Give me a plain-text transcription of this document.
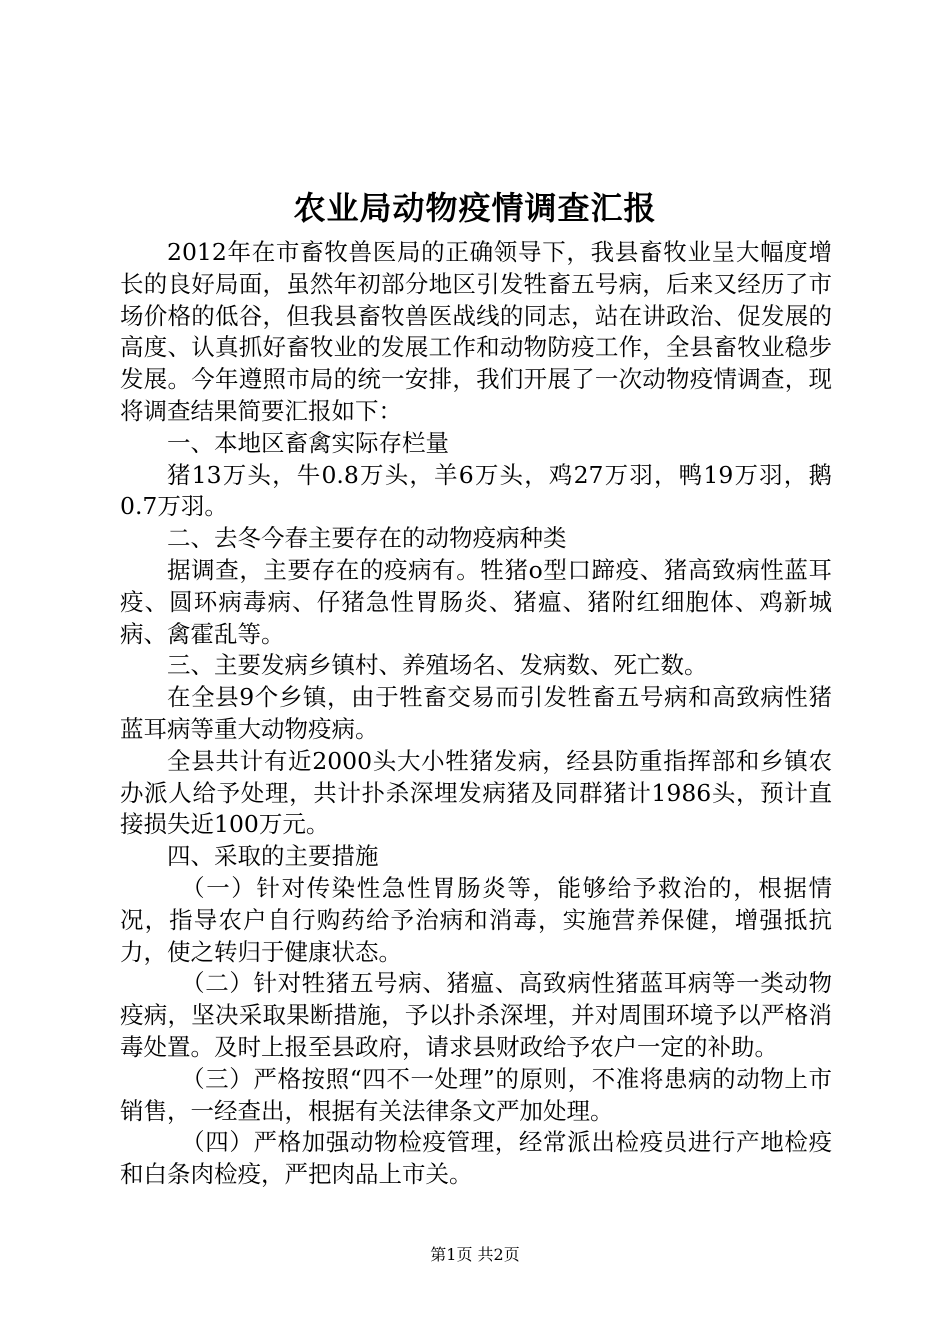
农业局动物疫情调查汇报

2012年在市畜牧兽医局的正确领导下，我县畜牧业呈大幅度增长的良好局面，虽然年初部分地区引发牲畜五号病，后来又经历了市场价格的低谷，但我县畜牧兽医战线的同志，站在讲政治、促发展的高度、认真抓好畜牧业的发展工作和动物防疫工作，全县畜牧业稳步发展。今年遵照市局的统一安排，我们开展了一次动物疫情调查，现将调查结果简要汇报如下：

一、本地区畜禽实际存栏量

猪13万头，牛0.8万头，羊6万头，鸡27万羽，鸭19万羽，鹅0.7万羽。

二、去冬今春主要存在的动物疫病种类

据调查，主要存在的疫病有。牲猪o型口蹄疫、猪高致病性蓝耳疫、圆环病毒病、仔猪急性胃肠炎、猪瘟、猪附红细胞体、鸡新城病、禽霍乱等。

三、主要发病乡镇村、养殖场名、发病数、死亡数。

在全县9个乡镇，由于牲畜交易而引发牲畜五号病和高致病性猪蓝耳病等重大动物疫病。

全县共计有近2000头大小牲猪发病，经县防重指挥部和乡镇农办派人给予处理，共计扑杀深埋发病猪及同群猪计1986头，预计直接损失近100万元。

四、采取的主要措施

（一）针对传染性急性胃肠炎等，能够给予救治的，根据情况，指导农户自行购药给予治病和消毒，实施营养保健，增强抵抗力，使之转归于健康状态。

（二）针对牲猪五号病、猪瘟、高致病性猪蓝耳病等一类动物疫病，坚决采取果断措施，予以扑杀深埋，并对周围环境予以严格消毒处置。及时上报至县政府，请求县财政给予农户一定的补助。

（三）严格按照“四不一处理”的原则，不准将患病的动物上市销售，一经查出，根据有关法律条文严加处理。

（四）严格加强动物检疫管理，经常派出检疫员进行产地检疫和白条肉检疫，严把肉品上市关。

第1页 共2页
